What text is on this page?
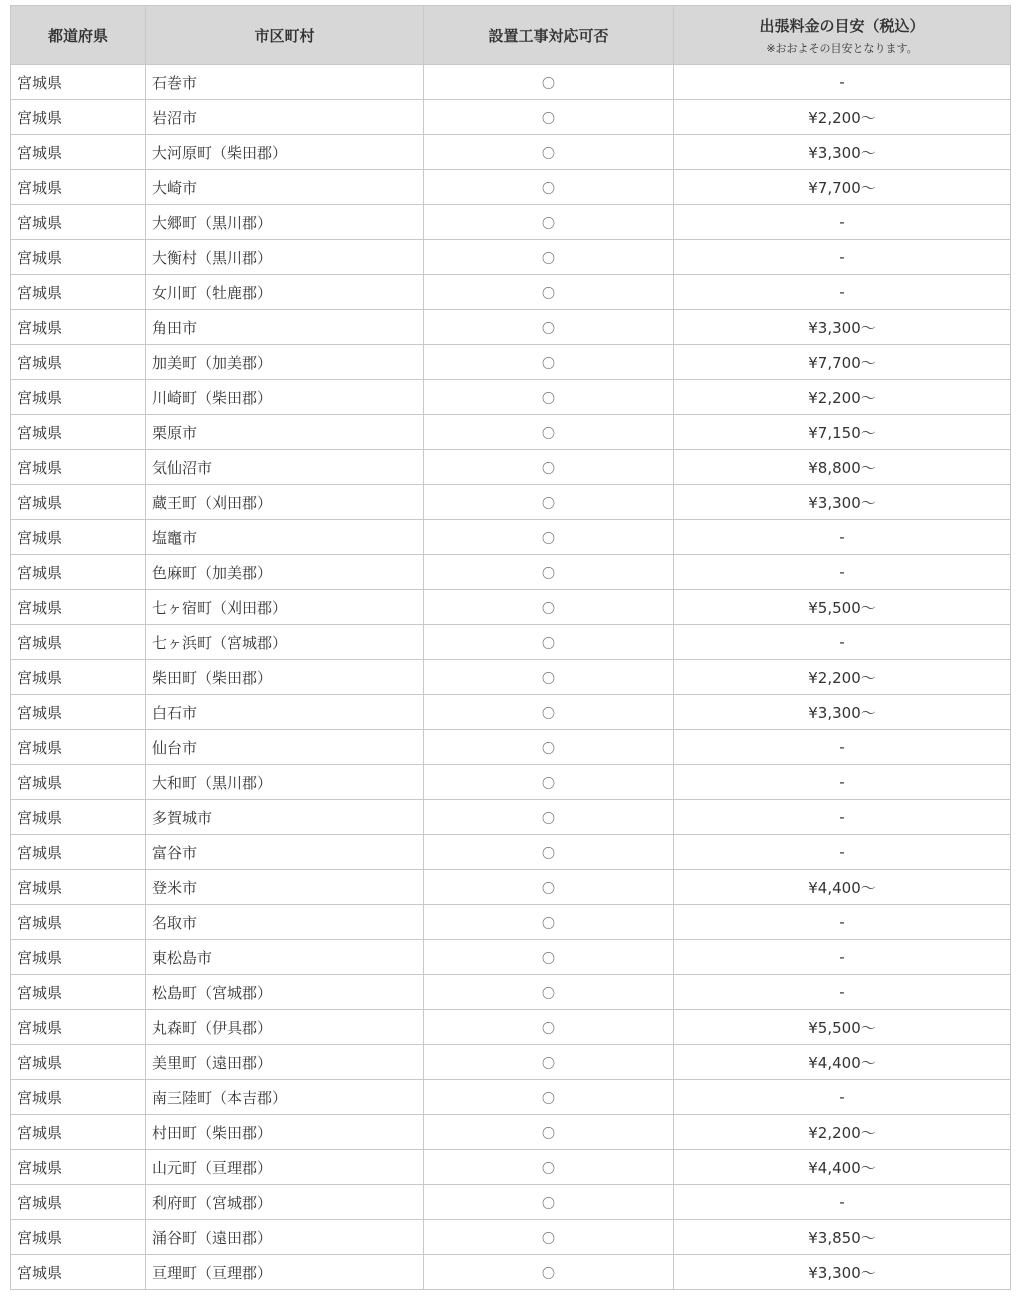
都道府県	市区町村	設置工事対応可否	出張料金の目安（税込）
※おおよその目安となります。

宮城県	石巻市	〇	-
宮城県	岩沼市	〇	¥2,200～
宮城県	大河原町（柴田郡）	〇	¥3,300～
宮城県	大崎市	〇	¥7,700～
宮城県	大郷町（黒川郡）	〇	-
宮城県	大衡村（黒川郡）	〇	-
宮城県	女川町（牡鹿郡）	〇	-
宮城県	角田市	〇	¥3,300～
宮城県	加美町（加美郡）	〇	¥7,700～
宮城県	川崎町（柴田郡）	〇	¥2,200～
宮城県	栗原市	〇	¥7,150～
宮城県	気仙沼市	〇	¥8,800～
宮城県	蔵王町（刈田郡）	〇	¥3,300～
宮城県	塩竈市	〇	-
宮城県	色麻町（加美郡）	〇	-
宮城県	七ヶ宿町（刈田郡）	〇	¥5,500～
宮城県	七ヶ浜町（宮城郡）	〇	-
宮城県	柴田町（柴田郡）	〇	¥2,200～
宮城県	白石市	〇	¥3,300～
宮城県	仙台市	〇	-
宮城県	大和町（黒川郡）	〇	-
宮城県	多賀城市	〇	-
宮城県	富谷市	〇	-
宮城県	登米市	〇	¥4,400～
宮城県	名取市	〇	-
宮城県	東松島市	〇	-
宮城県	松島町（宮城郡）	〇	-
宮城県	丸森町（伊具郡）	〇	¥5,500～
宮城県	美里町（遠田郡）	〇	¥4,400～
宮城県	南三陸町（本吉郡）	〇	-
宮城県	村田町（柴田郡）	〇	¥2,200～
宮城県	山元町（亘理郡）	〇	¥4,400～
宮城県	利府町（宮城郡）	〇	-
宮城県	涌谷町（遠田郡）	〇	¥3,850～
宮城県	亘理町（亘理郡）	〇	¥3,300～
